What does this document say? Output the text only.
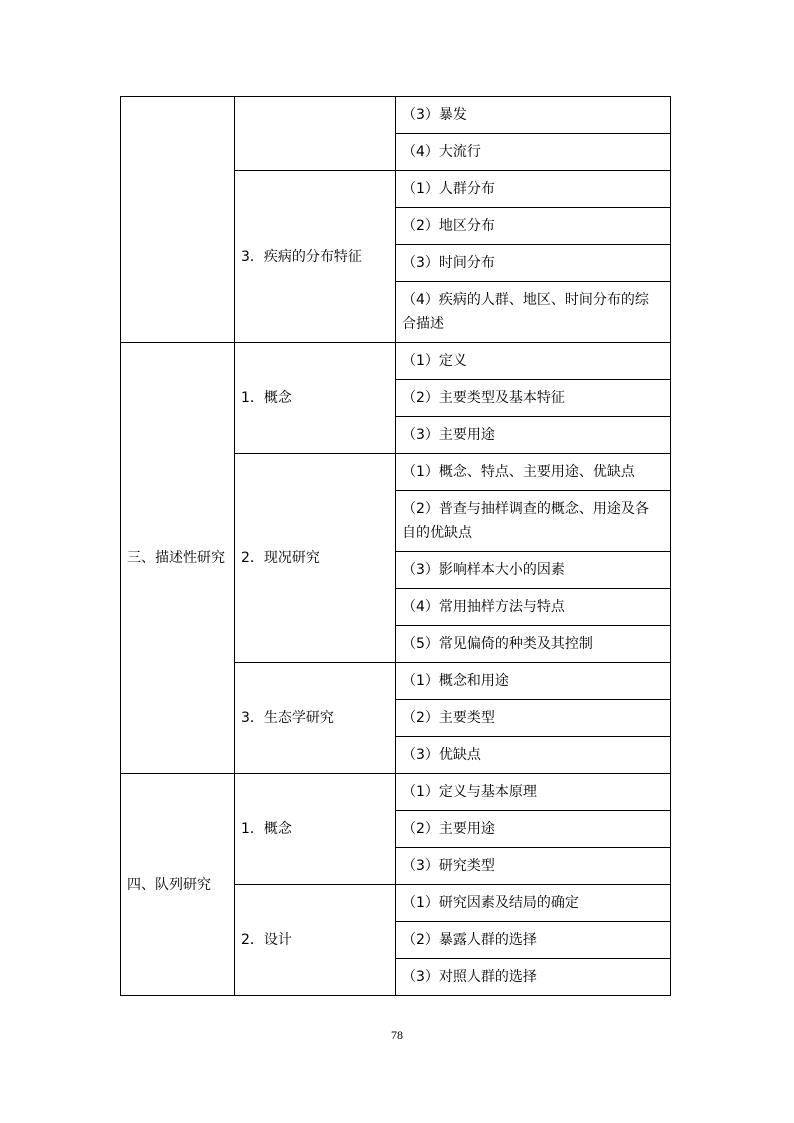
		（3）暴发
		（4）大流行
	3．疾病的分布特征	（1）人群分布
		（2）地区分布
		（3）时间分布
		（4）疾病的人群、地区、时间分布的综合描述
三、描述性研究	1．概念	（1）定义
		（2）主要类型及基本特征
		（3）主要用途
	2．现况研究	（1）概念、特点、主要用途、优缺点
		（2）普查与抽样调查的概念、用途及各自的优缺点
		（3）影响样本大小的因素
		（4）常用抽样方法与特点
		（5）常见偏倚的种类及其控制
	3．生态学研究	（1）概念和用途
		（2）主要类型
		（3）优缺点
四、队列研究	1．概念	（1）定义与基本原理
		（2）主要用途
		（3）研究类型
	2．设计	（1）研究因素及结局的确定
		（2）暴露人群的选择
		（3）对照人群的选择
78
